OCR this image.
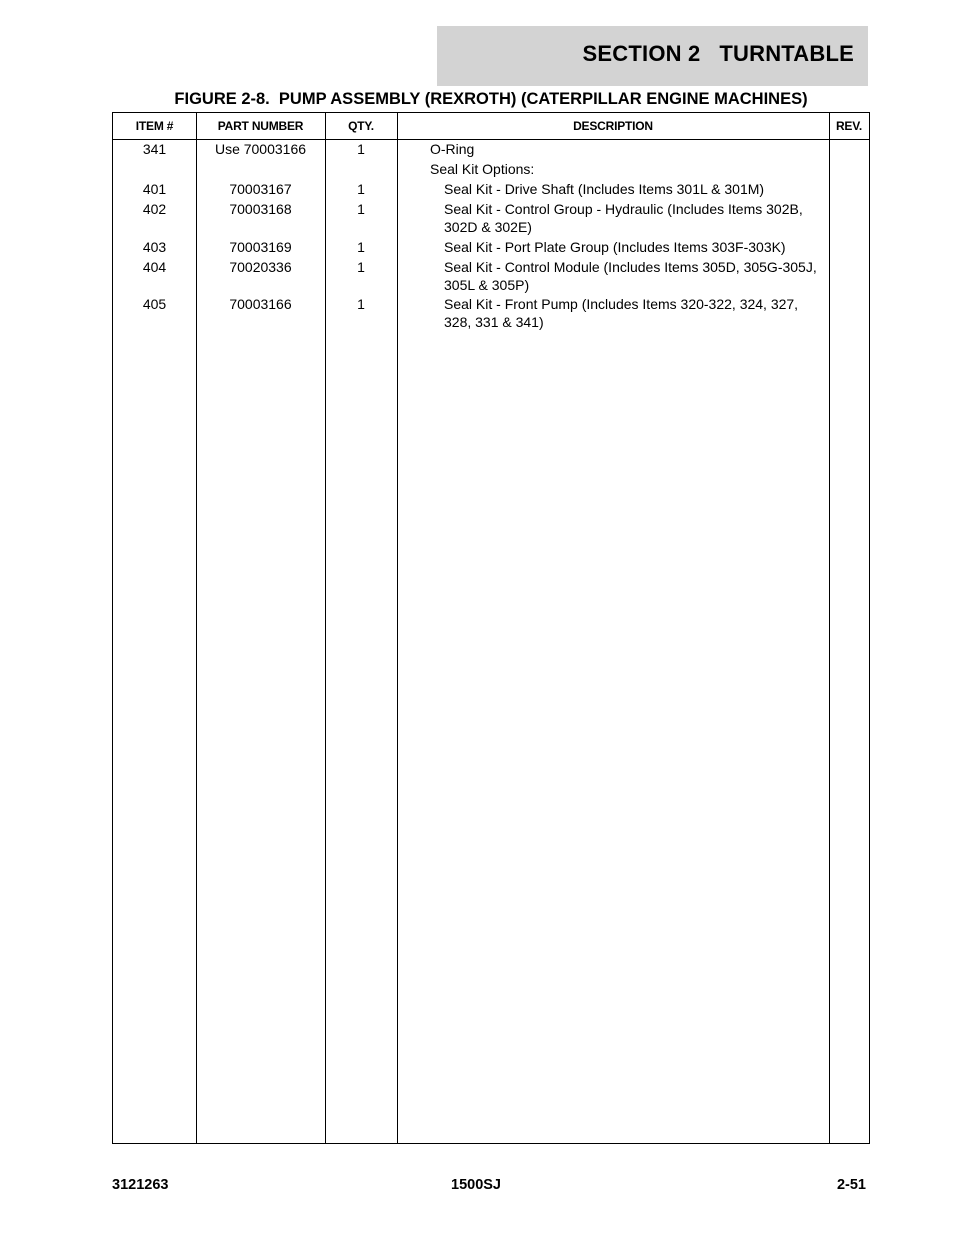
SECTION 2   TURNTABLE
FIGURE 2-8.  PUMP ASSEMBLY (REXROTH) (CATERPILLAR ENGINE MACHINES)
ITEM #	PART NUMBER	QTY.	DESCRIPTION	REV.
341	Use 70003166	1	O-Ring
Seal Kit Options:
401	70003167	1	Seal Kit - Drive Shaft (Includes Items 301L & 301M)
402	70003168	1	Seal Kit - Control Group - Hydraulic (Includes Items 302B, 302D & 302E)
403	70003169	1	Seal Kit - Port Plate Group (Includes Items 303F-303K)
404	70020336	1	Seal Kit - Control Module (Includes Items 305D, 305G-305J, 305L & 305P)
405	70003166	1	Seal Kit - Front Pump (Includes Items 320-322, 324, 327, 328, 331 & 341)
3121263	1500SJ	2-51
